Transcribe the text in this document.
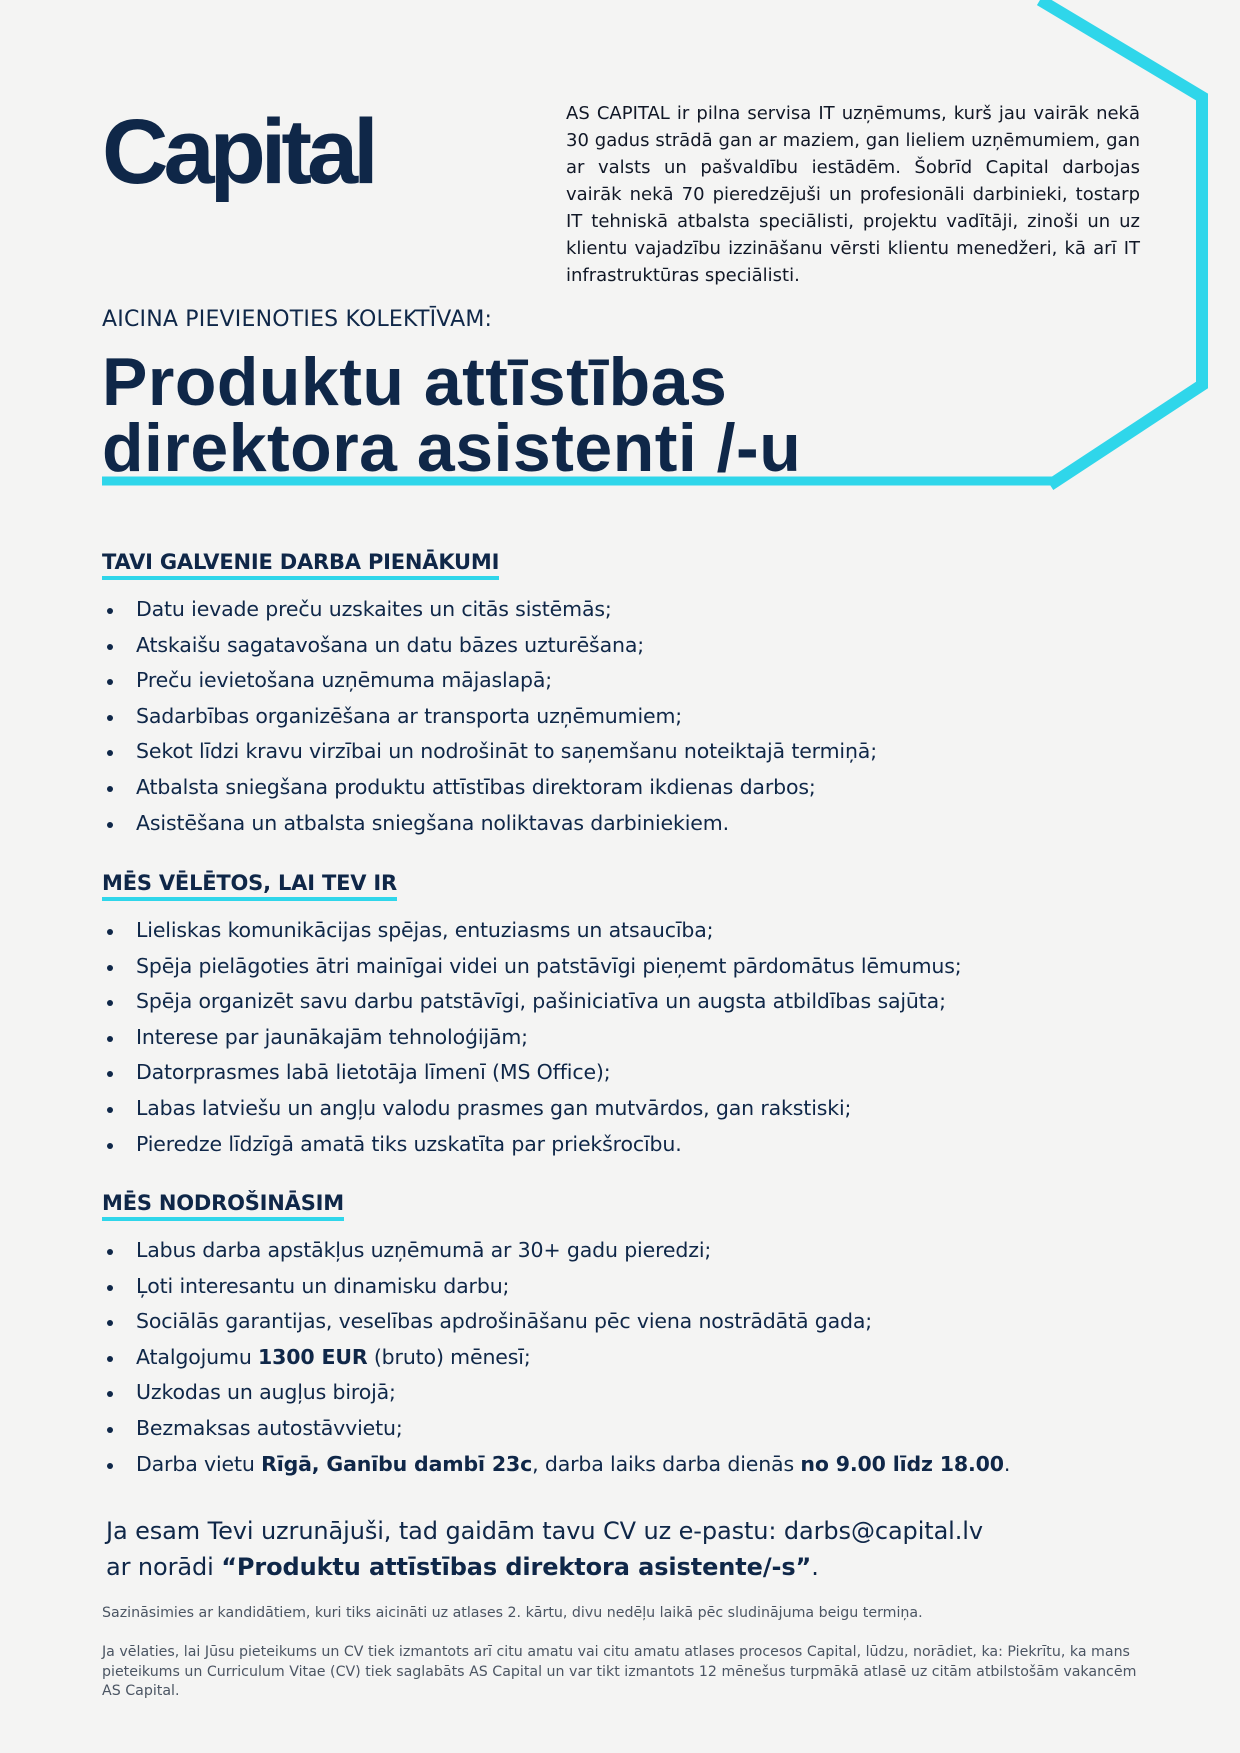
Capital	AS CAPITAL ir pilna servisa IT uzņēmums, kurš jau vairāk nekā 30 gadus strādā gan ar maziem, gan lieliem uzņēmumiem, gan ar valsts un pašvaldību iestādēm. Šobrīd Capital darbojas vairāk nekā 70 pieredzējuši un profesionāli darbinieki, tostarp IT tehniskā atbalsta speciālisti, projektu vadītāji, zinoši un uz klientu vajadzību izzināšanu vērsti klientu menedžeri, kā arī IT infrastruktūras speciālisti.
AICINA PIEVIENOTIES KOLEKTĪVAM:
Produktu attīstības
direktora asistenti /-u
TAVI GALVENIE DARBA PIENĀKUMI
Datu ievade preču uzskaites un citās sistēmās;
Atskaišu sagatavošana un datu bāzes uzturēšana;
Preču ievietošana uzņēmuma mājaslapā;
Sadarbības organizēšana ar transporta uzņēmumiem;
Sekot līdzi kravu virzībai un nodrošināt to saņemšanu noteiktajā termiņā;
Atbalsta sniegšana produktu attīstības direktoram ikdienas darbos;
Asistēšana un atbalsta sniegšana noliktavas darbiniekiem.
MĒS VĒLĒTOS, LAI TEV IR
Lieliskas komunikācijas spējas, entuziasms un atsaucība;
Spēja pielāgoties ātri mainīgai videi un patstāvīgi pieņemt pārdomātus lēmumus;
Spēja organizēt savu darbu patstāvīgi, pašiniciatīva un augsta atbildības sajūta;
Interese par jaunākajām tehnoloģijām;
Datorprasmes labā lietotāja līmenī (MS Office);
Labas latviešu un angļu valodu prasmes gan mutvārdos, gan rakstiski;
Pieredze līdzīgā amatā tiks uzskatīta par priekšrocību.
MĒS NODROŠINĀSIM
Labus darba apstākļus uzņēmumā ar 30+ gadu pieredzi;
Ļoti interesantu un dinamisku darbu;
Sociālās garantijas, veselības apdrošināšanu pēc viena nostrādātā gada;
Atalgojumu 1300 EUR (bruto) mēnesī;
Uzkodas un augļus birojā;
Bezmaksas autostāvvietu;
Darba vietu Rīgā, Ganību dambī 23c, darba laiks darba dienās no 9.00 līdz 18.00.

Ja esam Tevi uzrunājuši, tad gaidām tavu CV uz e-pastu: darbs@capital.lv

ar norādi “Produktu attīstības direktora asistente/-s”.

Sazināsimies ar kandidātiem, kuri tiks aicināti uz atlases 2. kārtu, divu nedēļu laikā pēc sludinājuma beigu termiņa.
Ja vēlaties, lai Jūsu pieteikums un CV tiek izmantots arī citu amatu vai citu amatu atlases procesos Capital, lūdzu, norādiet, ka: Piekrītu, ka mans pieteikums un Curriculum Vitae (CV) tiek saglabāts AS Capital un var tikt izmantots 12 mēnešus turpmākā atlasē uz citām atbilstošām vakancēm AS Capital.
